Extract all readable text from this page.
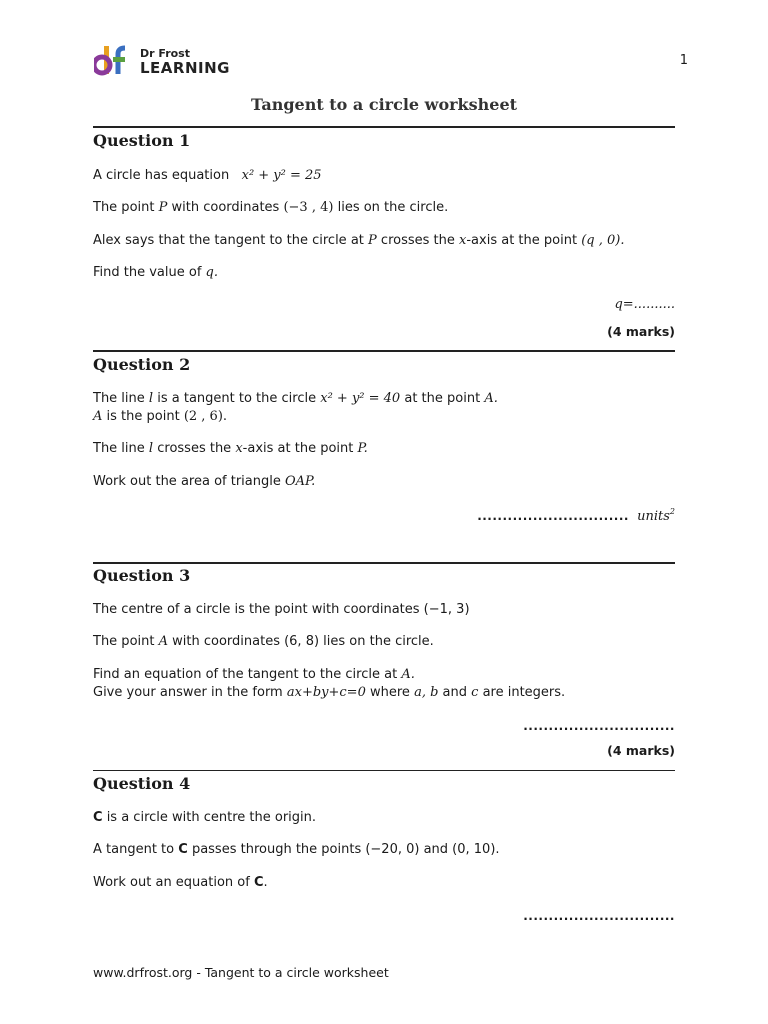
Dr Frost
LEARNING	1
Tangent to a circle worksheet
Question 1
A circle has equation x² + y² = 25
The point P with coordinates (−3 , 4) lies on the circle.
Alex says that the tangent to the circle at P crosses the x-axis at the point (q , 0).
Find the value of q.
q=..........
(4 marks)
Question 2
The line l is a tangent to the circle x² + y² = 40 at the point A.
A is the point (2 , 6).
The line l crosses the x-axis at the point P.
Work out the area of triangle OAP.
.............................. units$^2$
Question 3
The centre of a circle is the point with coordinates (−1, 3)
The point A with coordinates (6, 8) lies on the circle.
Find an equation of the tangent to the circle at A.
Give your answer in the form ax+by+c=0 where a, b and c are integers.
..............................
(4 marks)
Question 4
C is a circle with centre the origin.
A tangent to C passes through the points (−20, 0) and (0, 10).
Work out an equation of C.
..............................
www.drfrost.org - Tangent to a circle worksheet
